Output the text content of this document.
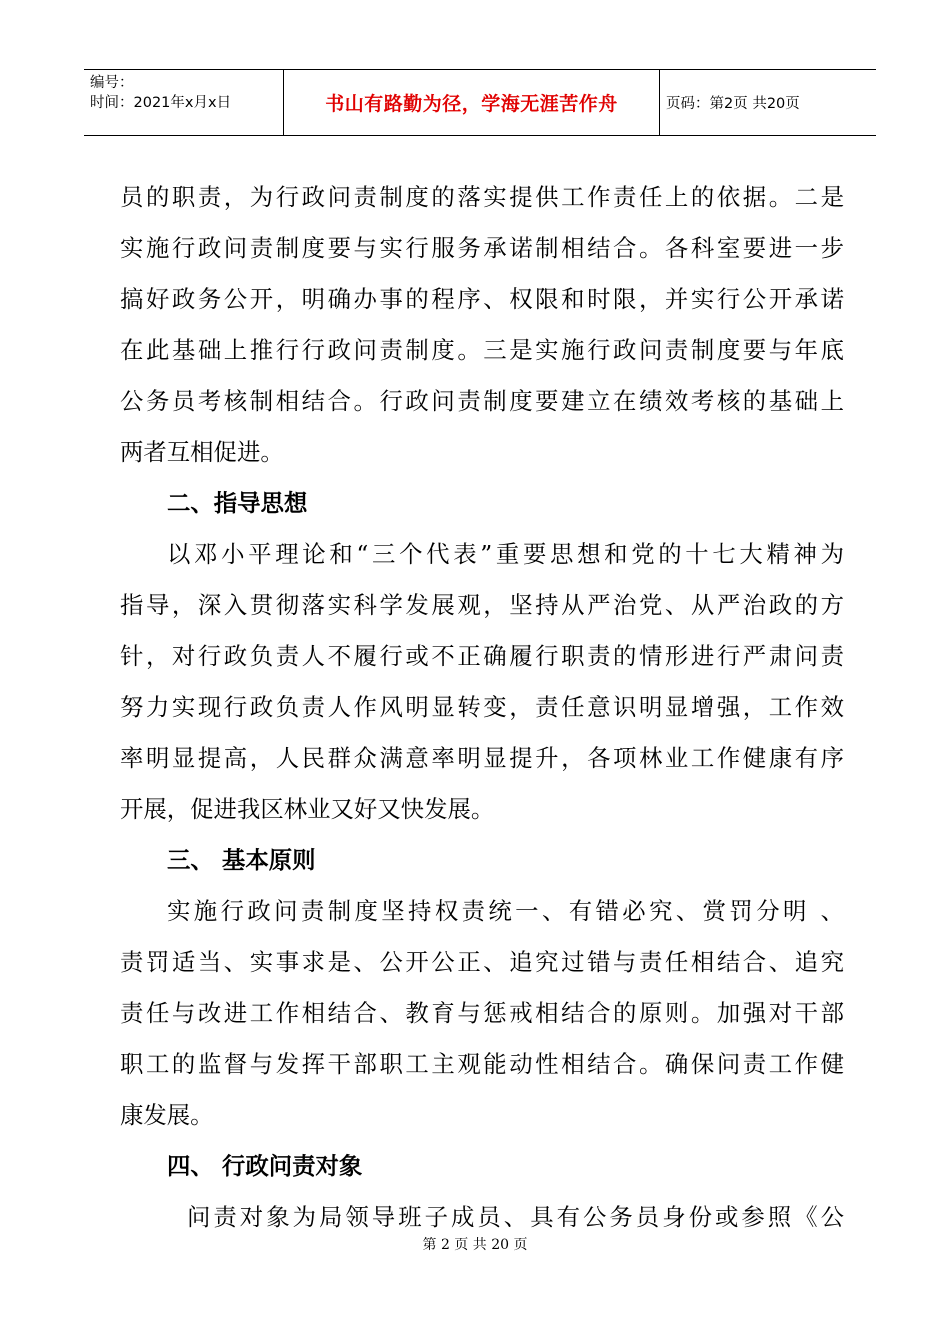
编号：
时间：2021年x月x日	书山有路勤为径，学海无涯苦作舟	页码：第2页 共20页
员的职责，为行政问责制度的落实提供工作责任上的依据。二是
实施行政问责制度要与实行服务承诺制相结合。各科室要进一步
搞好政务公开，明确办事的程序、权限和时限，并实行公开承诺
在此基础上推行行政问责制度。三是实施行政问责制度要与年底
公务员考核制相结合。行政问责制度要建立在绩效考核的基础上
两者互相促进。
二、指导思想
以邓小平理论和“三个代表”重要思想和党的十七大精神为
指导，深入贯彻落实科学发展观，坚持从严治党、从严治政的方
针，对行政负责人不履行或不正确履行职责的情形进行严肃问责
努力实现行政负责人作风明显转变，责任意识明显增强，工作效
率明显提高，人民群众满意率明显提升，各项林业工作健康有序
开展，促进我区林业又好又快发展。
三、 基本原则
实施行政问责制度坚持权责统一、有错必究、赏罚分明 、
责罚适当、实事求是、公开公正、追究过错与责任相结合、追究
责任与改进工作相结合、教育与惩戒相结合的原则。加强对干部
职工的监督与发挥干部职工主观能动性相结合。确保问责工作健
康发展。
四、 行政问责对象
问责对象为局领导班子成员、具有公务员身份或参照《公
第 2 页 共 20 页
